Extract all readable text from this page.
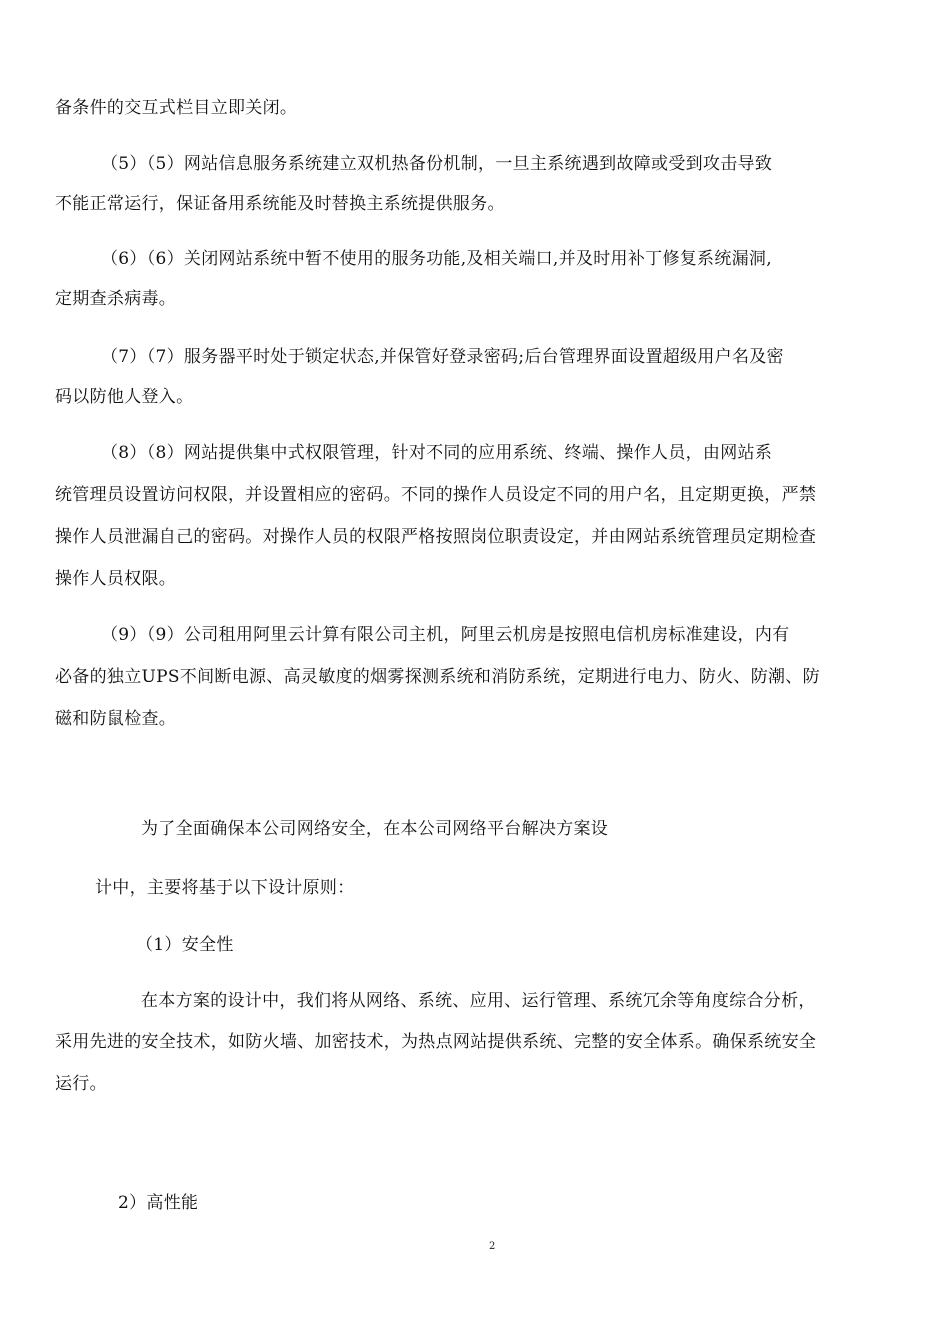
备条件的交互式栏目立即关闭。
（5）（5）网站信息服务系统建立双机热备份机制，一旦主系统遇到故障或受到攻击导致
不能正常运行，保证备用系统能及时替换主系统提供服务。
（6）（6）关闭网站系统中暂不使用的服务功能,及相关端口,并及时用补丁修复系统漏洞,
定期查杀病毒。
（7）（7）服务器平时处于锁定状态,并保管好登录密码;后台管理界面设置超级用户名及密
码以防他人登入。
（8）（8）网站提供集中式权限管理，针对不同的应用系统、终端、操作人员，由网站系
统管理员设置访问权限，并设置相应的密码。不同的操作人员设定不同的用户名，且定期更换，严禁
操作人员泄漏自己的密码。对操作人员的权限严格按照岗位职责设定，并由网站系统管理员定期检查
操作人员权限。
（9）（9）公司租用阿里云计算有限公司主机，阿里云机房是按照电信机房标准建设，内有
必备的独立UPS不间断电源、高灵敏度的烟雾探测系统和消防系统，定期进行电力、防火、防潮、防
磁和防鼠检查。
为了全面确保本公司网络安全，在本公司网络平台解决方案设
计中，主要将基于以下设计原则：
（1）安全性
在本方案的设计中，我们将从网络、系统、应用、运行管理、系统冗余等角度综合分析，
采用先进的安全技术，如防火墙、加密技术，为热点网站提供系统、完整的安全体系。确保系统安全
运行。
2）高性能
2
